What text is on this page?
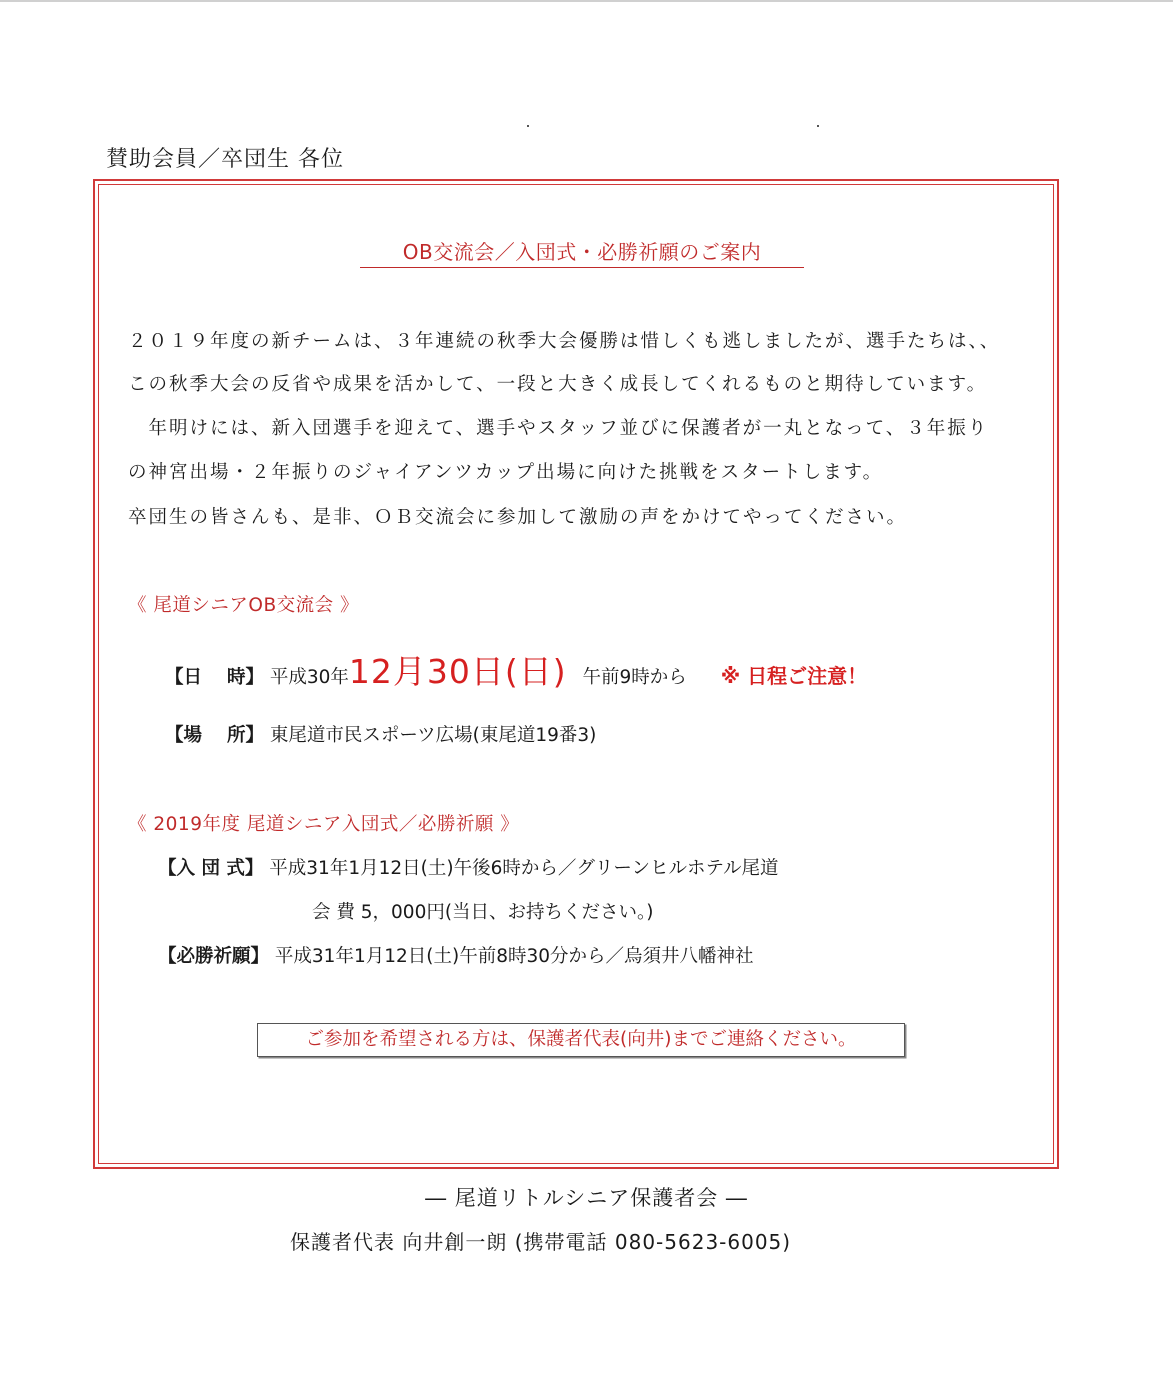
賛助会員／卒団生 各位
OB交流会／入団式・必勝祈願のご案内
２０１９年度の新チームは、３年連続の秋季大会優勝は惜しくも逃しましたが、選手たちは、、
この秋季大会の反省や成果を活かして、一段と大きく成長してくれるものと期待しています。
　年明けには、新入団選手を迎えて、選手やスタッフ並びに保護者が一丸となって、３年振り
の神宮出場・２年振りのジャイアンツカップ出場に向けた挑戦をスタートします。
卒団生の皆さんも、是非、ＯＢ交流会に参加して激励の声をかけてやってください。
《 尾道シニアOB交流会 》
【日　 時】 平成30年12月30日(日) 午前9時から ※ 日程ご注意！
【場 　所】 東尾道市民スポーツ広場(東尾道19番3)
《 2019年度 尾道シニア入団式／必勝祈願 》
【入 団 式】 平成31年1月12日(土)午後6時から／グリーンヒルホテル尾道
会 費 5，000円(当日、お持ちください。)
【必勝祈願】 平成31年1月12日(土)午前8時30分から／烏須井八幡神社
ご参加を希望される方は、保護者代表(向井)までご連絡ください。
― 尾道リトルシニア保護者会 ―
保護者代表 向井創一朗 (携帯電話 080-5623-6005)
